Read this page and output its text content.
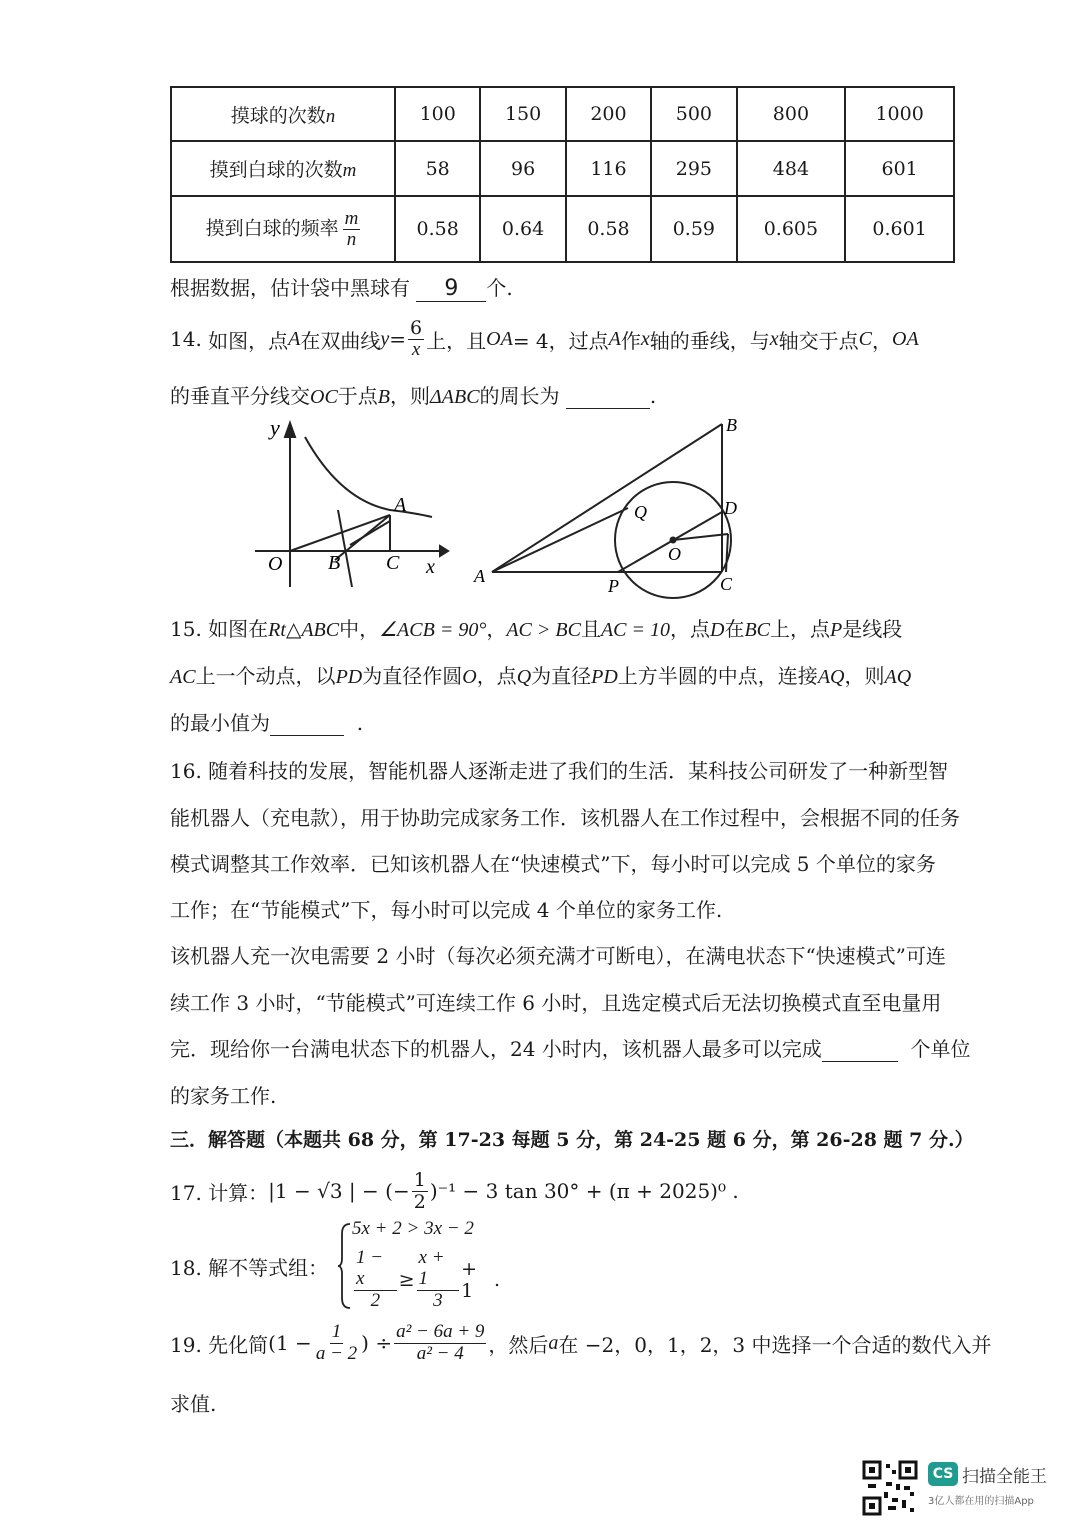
摸球的次数n	100	150	200	500	800	1000
摸到白球的次数m	58	96	116	295	484	601
摸到白球的频率 $\frac{m}{n}$	0.58	0.64	0.58	0.59	0.605	0.601
根据数据，估计袋中黑球有 9 个.
14.
如图，点 A 在双曲线 $y = \frac{6}{x}$ 上，且 OA = 4，过点 A 作 x 轴的垂线，与 x 轴交于点 C ， OA
的垂直平分线交OC于点B，则ΔABC的周长为	.
y
O B C x
A
B
Q	D
O
A	P	C
15. 如图在Rt△ABC中，∠ACB = 90°，AC > BC且AC = 10，点D在BC上，点P是线段
AC上一个动点，以PD为直径作圆O，点Q为直径PD上方半圆的中点，连接AQ，则AQ
的最小值为	.
16. 随着科技的发展，智能机器人逐渐走进了我们的生活．某科技公司研发了一种新型智
能机器人（充电款），用于协助完成家务工作．该机器人在工作过程中，会根据不同的任务
模式调整其工作效率．已知该机器人在“快速模式”下，每小时可以完成 5 个单位的家务
工作；在“节能模式”下，每小时可以完成 4 个单位的家务工作.
该机器人充一次电需要 2 小时（每次必须充满才可断电），在满电状态下“快速模式”可连
续工作 3 小时，“节能模式”可连续工作 6 小时，且选定模式后无法切换模式直至电量用
完．现给你一台满电状态下的机器人，24 小时内，该机器人最多可以完成	个单位
的家务工作.
三．解答题（本题共 68 分，第 17-23 每题 5 分，第 24-25 题 6 分，第 26-28 题 7 分.）
17. 计算： |1 − √3 | − (− $\frac{1}{2} )^{-1} - 3$ tan 30° + (π + 2025)⁰ .
18. 解不等式组：
5x + 2 > 3x − 2
$\frac{1 - x}{2} \ge \frac{x + 1}{3} + 1$	.
19. 先化简 ($1 - \frac{1}{a - 2}$ ) ÷ $\frac{\text{a² − 6a + 9}}{\text{a² − 4}}$ ，然后 a 在 −2，0，1，2，3 中选择一个合适的数代入并
求值.
CS 扫描全能王
3亿人都在用的扫描App
